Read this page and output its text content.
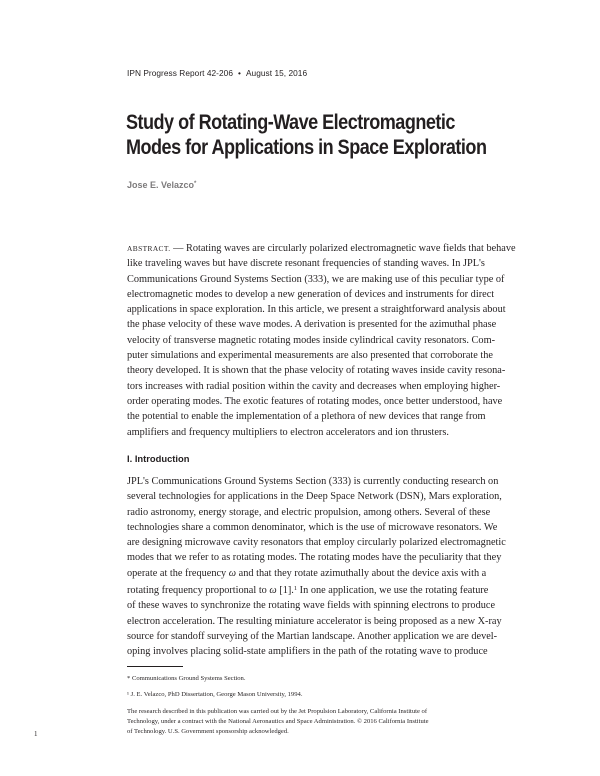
IPN Progress Report 42-206 • August 15, 2016
Study of Rotating-Wave Electromagnetic
Modes for Applications in Space Exploration
Jose E. Velazco*
ABSTRACT. — Rotating waves are circularly polarized electromagnetic wave fields that behave
like traveling waves but have discrete resonant frequencies of standing waves. In JPL's
Communications Ground Systems Section (333), we are making use of this peculiar type of
electromagnetic modes to develop a new generation of devices and instruments for direct
applications in space exploration. In this article, we present a straightforward analysis about
the phase velocity of these wave modes. A derivation is presented for the azimuthal phase
velocity of transverse magnetic rotating modes inside cylindrical cavity resonators. Com-
puter simulations and experimental measurements are also presented that corroborate the
theory developed. It is shown that the phase velocity of rotating waves inside cavity resona-
tors increases with radial position within the cavity and decreases when employing higher-
order operating modes. The exotic features of rotating modes, once better understood, have
the potential to enable the implementation of a plethora of new devices that range from
amplifiers and frequency multipliers to electron accelerators and ion thrusters.
I. Introduction
JPL's Communications Ground Systems Section (333) is currently conducting research on
several technologies for applications in the Deep Space Network (DSN), Mars exploration,
radio astronomy, energy storage, and electric propulsion, among others. Several of these
technologies share a common denominator, which is the use of microwave resonators. We
are designing microwave cavity resonators that employ circularly polarized electromagnetic
modes that we refer to as rotating modes. The rotating modes have the peculiarity that they
operate at the frequency ω and that they rotate azimuthally about the device axis with a
rotating frequency proportional to ω [1].$^1$ In one application, we use the rotating feature
of these waves to synchronize the rotating wave fields with spinning electrons to produce
electron acceleration. The resulting miniature accelerator is being proposed as a new X-ray
source for standoff surveying of the Martian landscape. Another application we are devel-
oping involves placing solid-state amplifiers in the path of the rotating wave to produce
* Communications Ground Systems Section.
¹ J. E. Velazco, PhD Dissertation, George Mason University, 1994.
The research described in this publication was carried out by the Jet Propulsion Laboratory, California Institute of
Technology, under a contract with the National Aeronautics and Space Administration. © 2016 California Institute
of Technology. U.S. Government sponsorship acknowledged.
1
